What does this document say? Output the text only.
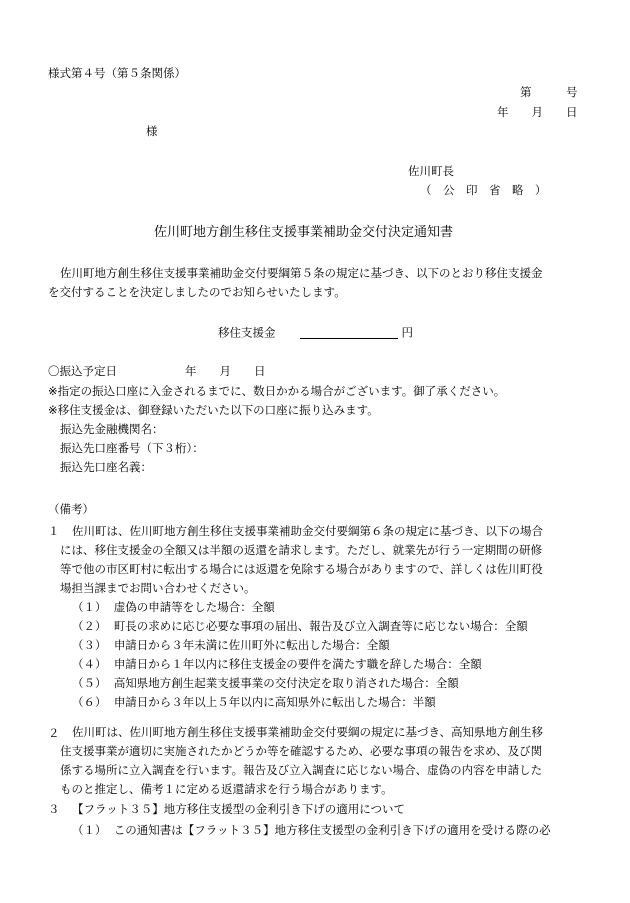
様式第４号（第５条関係）
第　　　号
年　　月　　日
様
佐川町長
（　公　印　省　略　）
佐川町地方創生移住支援事業補助金交付決定通知書
佐川町地方創生移住支援事業補助金交付要綱第５条の規定に基づき、以下のとおり移住支援金
を交付することを決定しましたのでお知らせいたします。
移住支援金	円
〇振込予定日	年　　月　　日
※指定の振込口座に入金されるまでに、数日かかる場合がございます。御了承ください。
※移住支援金は、御登録いただいた以下の口座に振り込みます。
振込先金融機関名：
振込先口座番号（下３桁）：
振込先口座名義：
（備考）
１	佐川町は、佐川町地方創生移住支援事業補助金交付要綱第６条の規定に基づき、以下の場合
には、移住支援金の全額又は半額の返還を請求します。ただし、就業先が行う一定期間の研修
等で他の市区町村に転出する場合には返還を免除する場合がありますので、詳しくは佐川町役
場担当課までお問い合わせください。
（１） 虚偽の申請等をした場合：全額
（２） 町長の求めに応じ必要な事項の届出、報告及び立入調査等に応じない場合：全額
（３） 申請日から３年未満に佐川町外に転出した場合：全額
（４） 申請日から１年以内に移住支援金の要件を満たす職を辞した場合：全額
（５） 高知県地方創生起業支援事業の交付決定を取り消された場合：全額
（６） 申請日から３年以上５年以内に高知県外に転出した場合：半額
２	佐川町は、佐川町地方創生移住支援事業補助金交付要綱の規定に基づき、高知県地方創生移
住支援事業が適切に実施されたかどうか等を確認するため、必要な事項の報告を求め、及び関
係する場所に立入調査を行います。報告及び立入調査に応じない場合、虚偽の内容を申請した
ものと推定し、備考１に定める返還請求を行う場合があります。
３ 【フラット３５】地方移住支援型の金利引き下げの適用について
（１） この通知書は【フラット３５】地方移住支援型の金利引き下げの適用を受ける際の必
